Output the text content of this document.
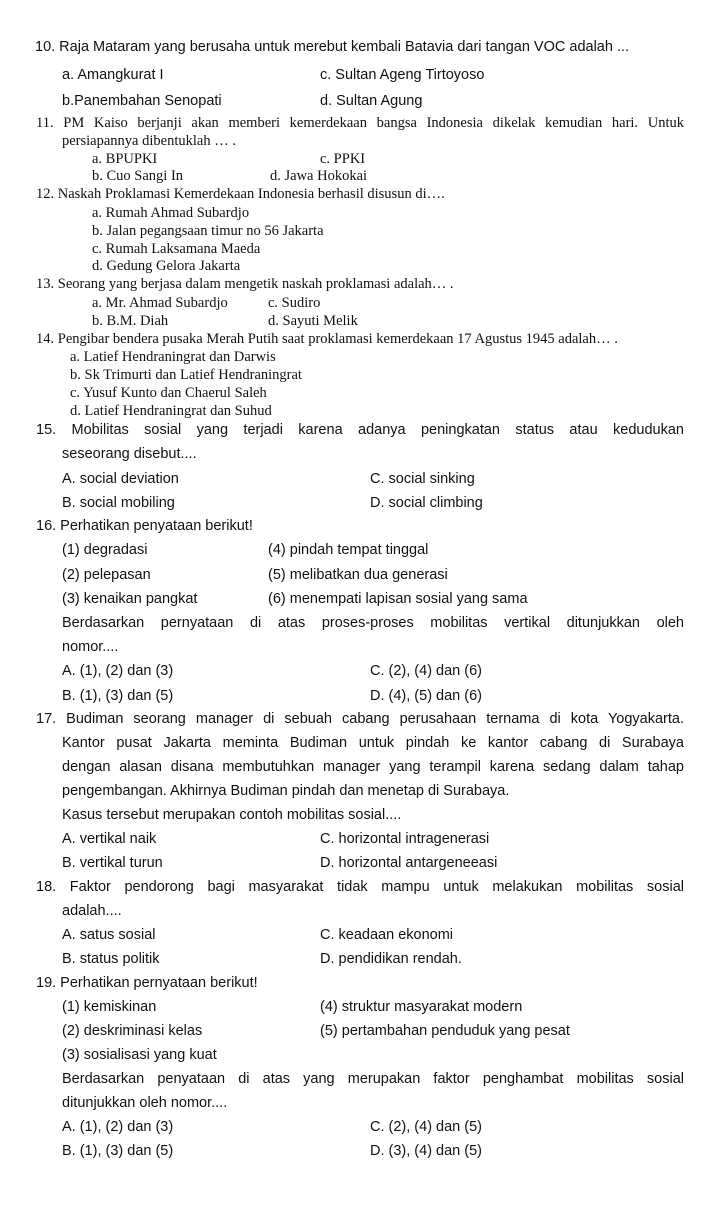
10. Raja Mataram yang berusaha untuk merebut kembali Batavia dari tangan VOC adalah ...
a. Amangkurat I	c. Sultan Ageng Tirtoyoso
b.Panembahan Senopati	d. Sultan Agung
11. PM Kaiso berjanji akan memberi kemerdekaan bangsa Indonesia dikelak kemudian hari. Untuk
persiapannya dibentuklah … .
a. BPUPKI	c. PPKI
b. Cuo Sangi In	d. Jawa Hokokai
12. Naskah Proklamasi Kemerdekaan Indonesia berhasil disusun di….
a. Rumah Ahmad Subardjo
b. Jalan pegangsaan timur no 56 Jakarta
c. Rumah Laksamana Maeda
d. Gedung Gelora Jakarta
13. Seorang yang berjasa dalam mengetik naskah proklamasi adalah… .
a. Mr. Ahmad Subardjo	c. Sudiro
b. B.M. Diah	d. Sayuti Melik
14. Pengibar bendera pusaka Merah Putih saat proklamasi kemerdekaan 17 Agustus 1945 adalah… .
a. Latief Hendraningrat dan Darwis
b. Sk Trimurti dan Latief Hendraningrat
c. Yusuf Kunto dan Chaerul Saleh
d. Latief Hendraningrat dan Suhud
15. Mobilitas sosial yang terjadi karena adanya peningkatan status atau kedudukan
seseorang disebut....
A. social deviation	C. social sinking
B. social mobiling	D. social climbing
16. Perhatikan penyataan berikut!
(1) degradasi	(4) pindah tempat tinggal
(2) pelepasan	(5) melibatkan dua generasi
(3) kenaikan pangkat	(6) menempati lapisan sosial yang sama
Berdasarkan pernyataan di atas proses-proses mobilitas vertikal ditunjukkan oleh
nomor....
A. (1), (2) dan (3)	C. (2), (4) dan (6)
B. (1), (3) dan (5)	D. (4), (5) dan (6)
17. Budiman seorang manager di sebuah cabang perusahaan ternama di kota Yogyakarta.
Kantor pusat Jakarta meminta Budiman untuk pindah ke kantor cabang di Surabaya
dengan alasan disana membutuhkan manager yang terampil karena sedang dalam tahap
pengembangan. Akhirnya Budiman pindah dan menetap di Surabaya.
Kasus tersebut merupakan contoh mobilitas sosial....
A. vertikal naik	C. horizontal intragenerasi
B. vertikal turun	D. horizontal antargeneeasi
18. Faktor pendorong bagi masyarakat tidak mampu untuk melakukan mobilitas sosial
adalah....
A. satus sosial	C. keadaan ekonomi
B. status politik	D. pendidikan rendah.
19. Perhatikan pernyataan berikut!
(1) kemiskinan	(4) struktur masyarakat modern
(2) deskriminasi kelas	(5) pertambahan penduduk yang pesat
(3) sosialisasi yang kuat
Berdasarkan penyataan di atas yang merupakan faktor penghambat mobilitas sosial
ditunjukkan oleh nomor....
A. (1), (2) dan (3)	C. (2), (4) dan (5)
B. (1), (3) dan (5)	D. (3), (4) dan (5)
